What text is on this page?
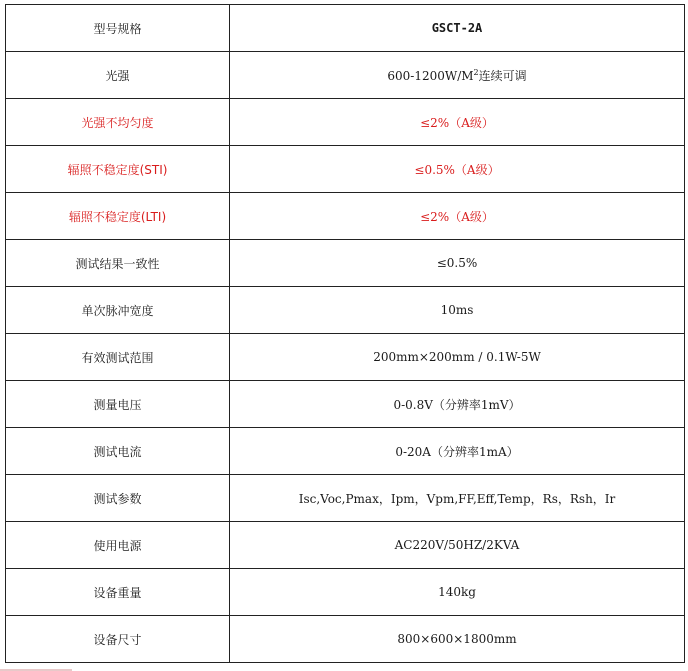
型号规格	GSCT-2A
光强	$600-1200W/M^2$连续可调
光强不均匀度	≤2%（A级）
辐照不稳定度(STI)	≤0.5%（A级）
辐照不稳定度(LTI)	≤2%（A级）
测试结果一致性	≤0.5%
单次脉冲宽度	10ms
有效测试范围	200mm×200mm / 0.1W-5W
测量电压	0-0.8V（分辨率1mV）
测试电流	0-20A（分辨率1mA）
测试参数	Isc,Voc,Pmax，Ipm，Vpm,FF,Eff,Temp，Rs，Rsh，Ir
使用电源	AC220V/50HZ/2KVA
设备重量	140kg
设备尺寸	800×600×1800mm
